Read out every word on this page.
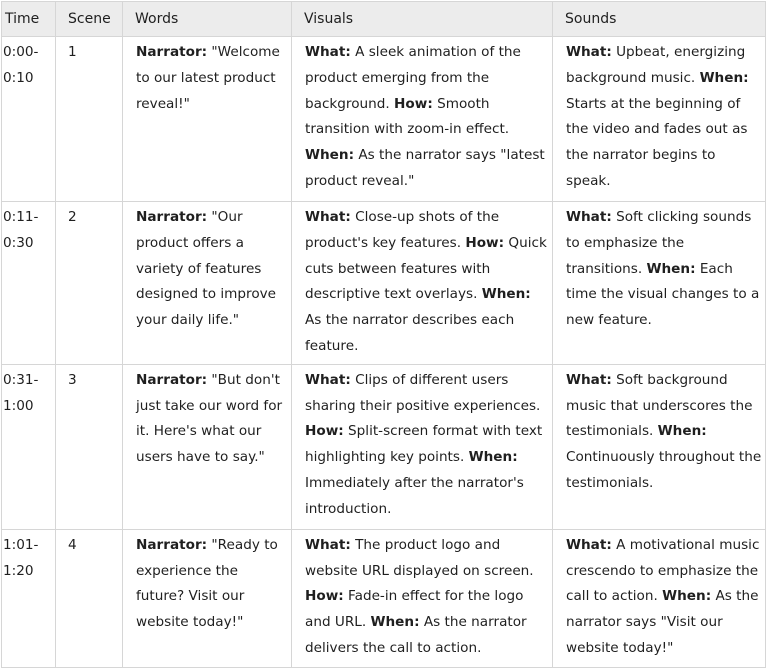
Time	Scene	Words	Visuals	Sounds
0:00-0:10	1	Narrator: "Welcome to our latest product reveal!"	What: A sleek animation of the product emerging from the background. How: Smooth transition with zoom-in effect. When: As the narrator says "latest product reveal."	What: Upbeat, energizing background music. When: Starts at the beginning of the video and fades out as the narrator begins to speak.
0:11-0:30	2	Narrator: "Our product offers a variety of features designed to improve your daily life."	What: Close-up shots of the product's key features. How: Quick cuts between features with descriptive text overlays. When: As the narrator describes each feature.	What: Soft clicking sounds to emphasize the transitions. When: Each time the visual changes to a new feature.
0:31-1:00	3	Narrator: "But don't just take our word for it. Here's what our users have to say."	What: Clips of different users sharing their positive experiences. How: Split-screen format with text highlighting key points. When: Immediately after the narrator's introduction.	What: Soft background music that underscores the testimonials. When: Continuously throughout the testimonials.
1:01-1:20	4	Narrator: "Ready to experience the future? Visit our website today!"	What: The product logo and website URL displayed on screen. How: Fade-in effect for the logo and URL. When: As the narrator delivers the call to action.	What: A motivational music crescendo to emphasize the call to action. When: As the narrator says "Visit our website today!"
